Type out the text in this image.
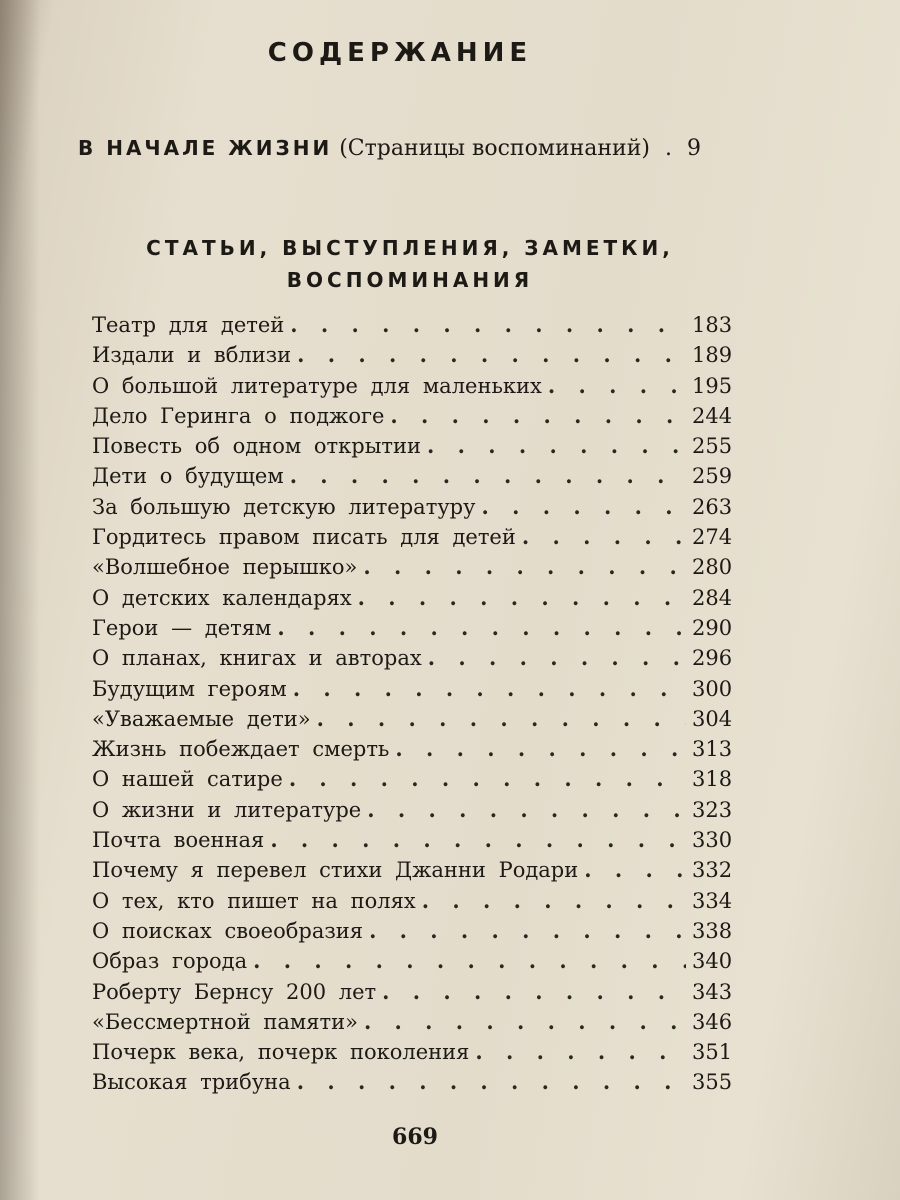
СОДЕРЖАНИЕ
В НАЧАЛЕ ЖИЗНИ (Страницы воспоминаний) . 9
СТАТЬИ, ВЫСТУПЛЕНИЯ, ЗАМЕТКИ,
ВОСПОМИНАНИЯ
Театр для детей . . .	183
Издали и вблизи . . .	189
О большой литературе для маленьких . . .	195
Дело Геринга о поджоге . . .	244
Повесть об одном открытии . . .	255
Дети о будущем . . .	259
За большую детскую литературу . . .	263
Гордитесь правом писать для детей . . .	274
«Волшебное перышко» . . .	280
О детских календарях . . .	284
Герои — детям . . .	290
О планах, книгах и авторах . . .	296
Будущим героям . . .	300
«Уважаемые дети» . . .	304
Жизнь побеждает смерть . . .	313
О нашей сатире . . .	318
О жизни и литературе . . .	323
Почта военная . . .	330
Почему я перевел стихи Джанни Родари . . .	332
О тех, кто пишет на полях . . .	334
О поисках своеобразия . . .	338
Образ города . . .	340
Роберту Бернсу 200 лет . . .	343
«Бессмертной памяти» . . .	346
Почерк века, почерк поколения . . .	351
Высокая трибуна . . .	355
669
